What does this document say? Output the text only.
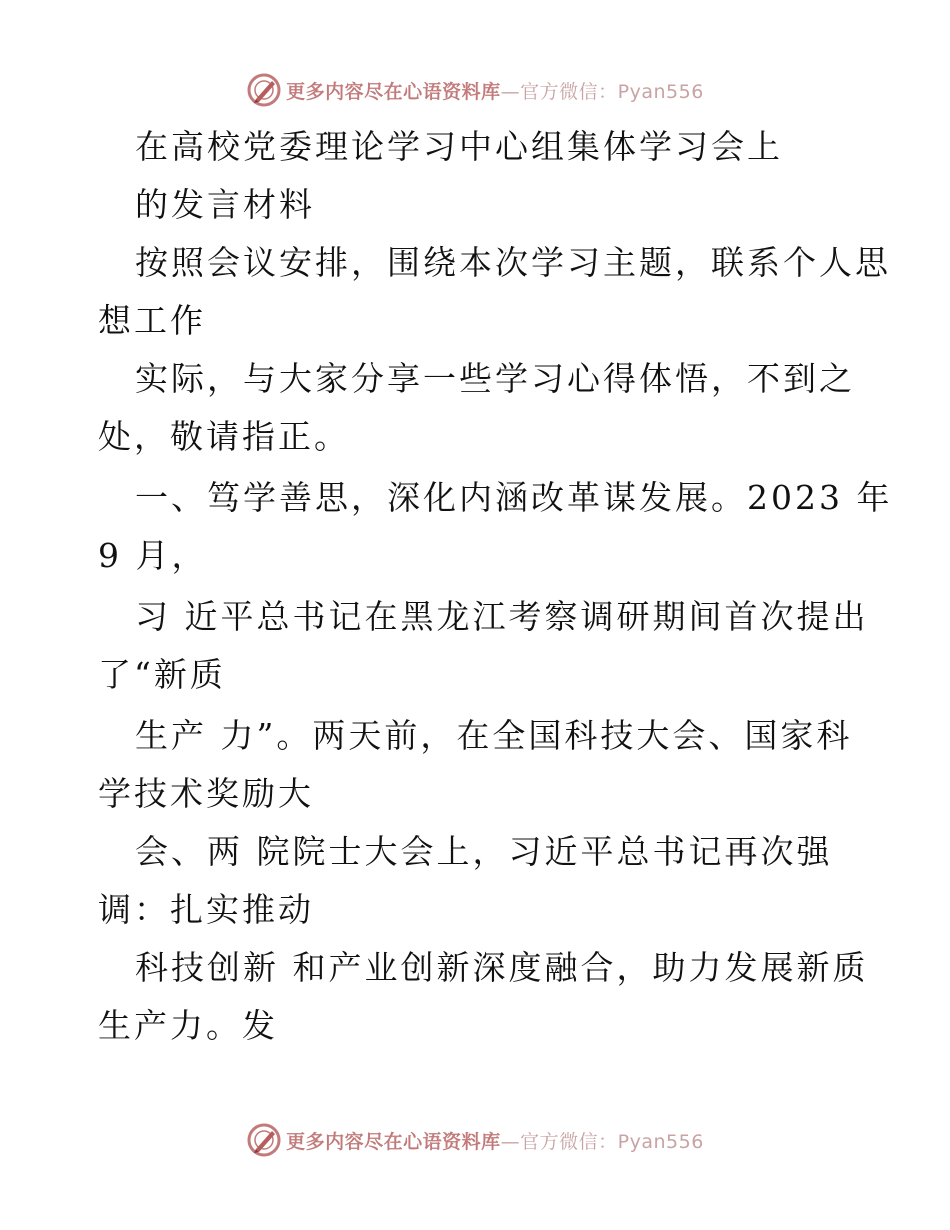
更多内容尽在心语资料库—官方微信：Pyan556
在高校党委理论学习中心组集体学习会上
的发言材料
按照会议安排，围绕本次学习主题，联系个人思
想工作
实际，与大家分享一些学习心得体悟，不到之
处，敬请指正。
一、笃学善思，深化内涵改革谋发展。2023 年
9 月，
习 近平总书记在黑龙江考察调研期间首次提出
了“新质
生产 力”。两天前，在全国科技大会、国家科
学技术奖励大
会、两 院院士大会上，习近平总书记再次强
调：扎实推动
科技创新 和产业创新深度融合，助力发展新质
生产力。发
更多内容尽在心语资料库—官方微信：Pyan556
